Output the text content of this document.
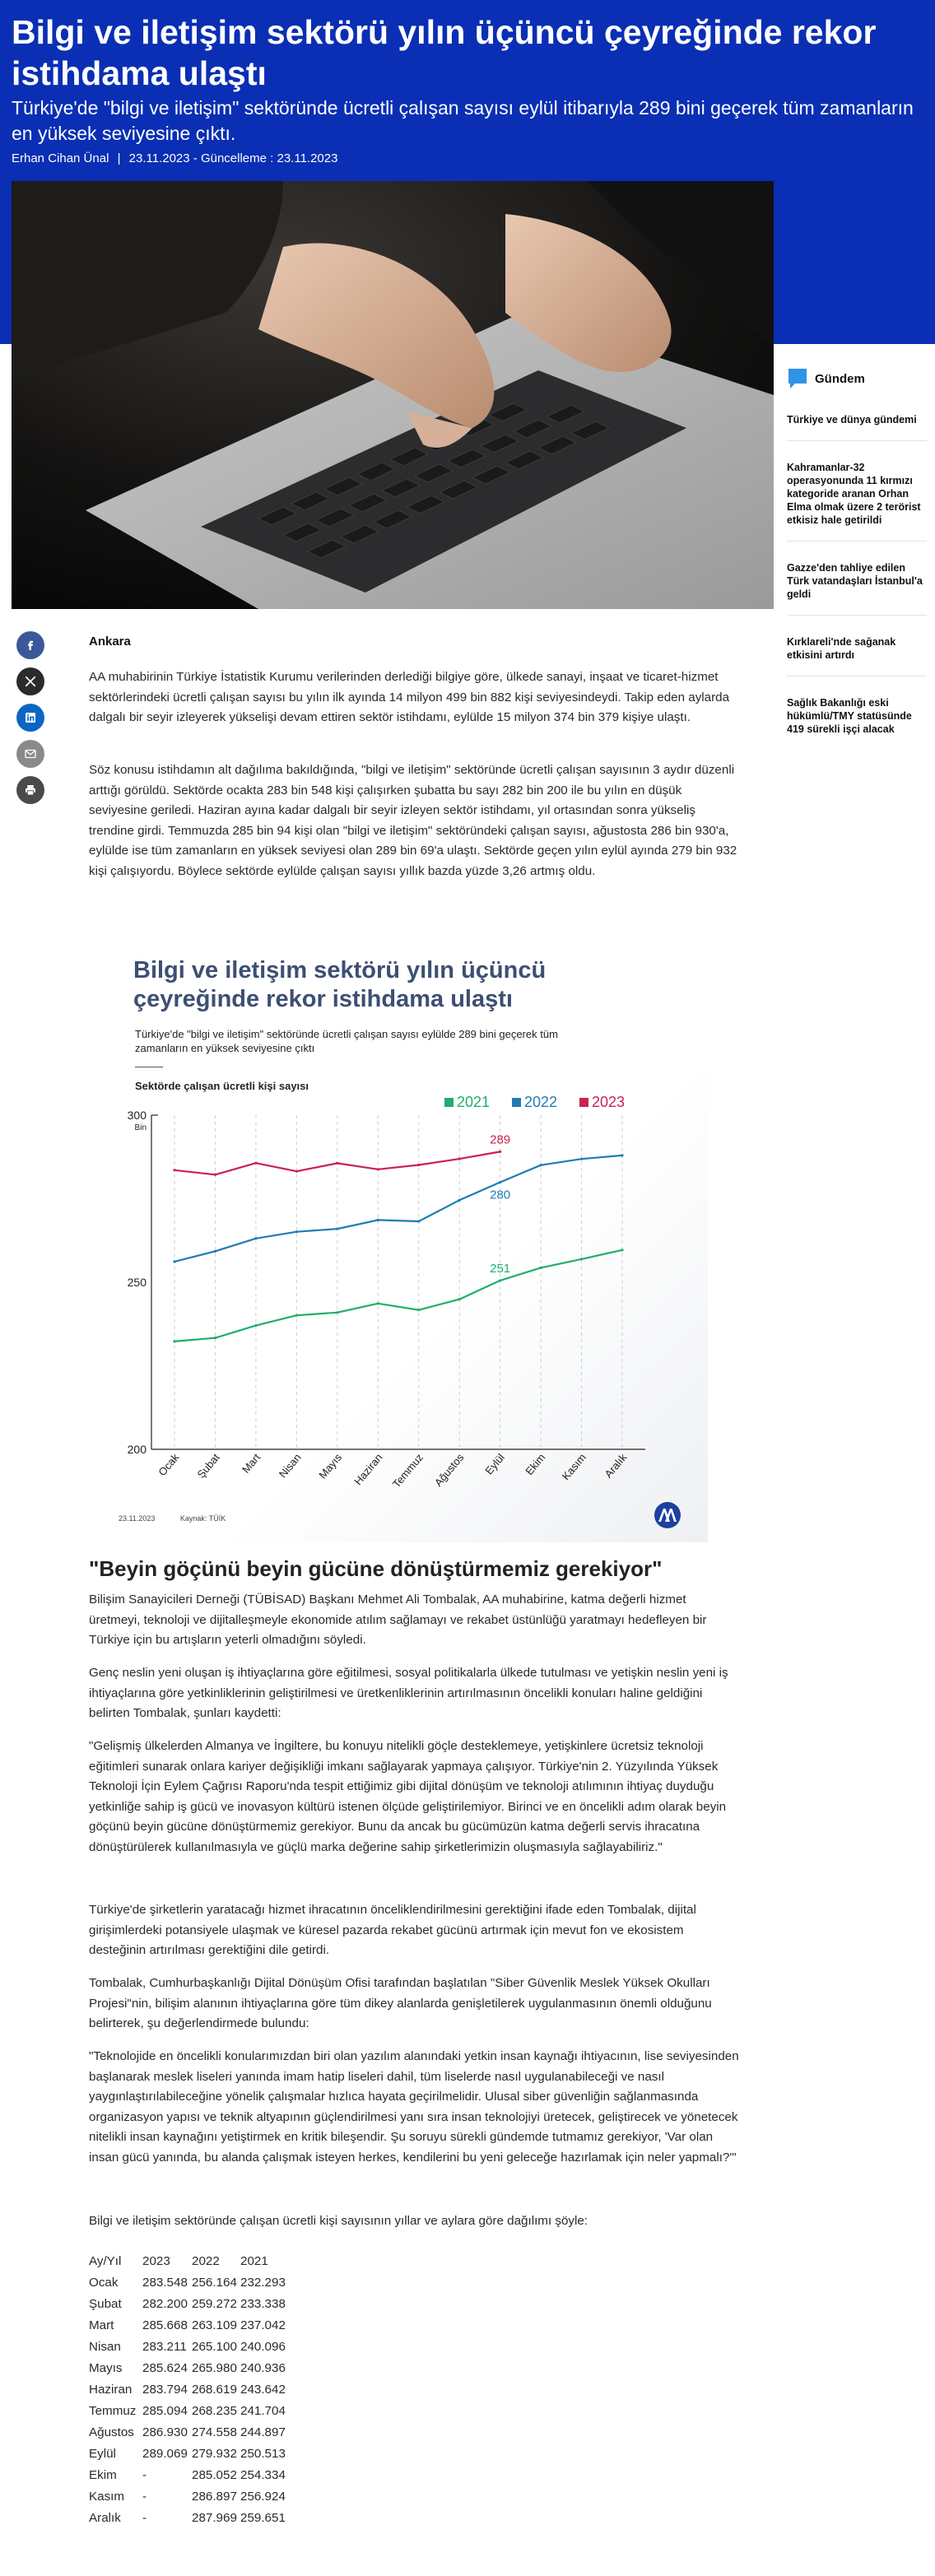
Bilgi ve iletişim sektörü yılın üçüncü çeyreğinde rekor istihdama ulaştı

Türkiye'de "bilgi ve iletişim" sektöründe ücretli çalışan sayısı eylül itibarıyla 289 bini geçerek tüm zamanların en yüksek seviyesine çıktı.

Erhan Cihan Ünal | 23.11.2023 - Güncelleme : 23.11.2023
Ankara

AA muhabirinin Türkiye İstatistik Kurumu verilerinden derlediği bilgiye göre, ülkede sanayi, inşaat ve ticaret-hizmet sektörlerindeki ücretli çalışan sayısı bu yılın ilk ayında 14 milyon 499 bin 882 kişi seviyesindeydi. Takip eden aylarda dalgalı bir seyir izleyerek yükselişi devam ettiren sektör istihdamı, eylülde 15 milyon 374 bin 379 kişiye ulaştı.

Söz konusu istihdamın alt dağılıma bakıldığında, "bilgi ve iletişim" sektöründe ücretli çalışan sayısının 3 aydır düzenli arttığı görüldü. Sektörde ocakta 283 bin 548 kişi çalışırken şubatta bu sayı 282 bin 200 ile bu yılın en düşük seviyesine geriledi. Haziran ayına kadar dalgalı bir seyir izleyen sektör istihdamı, yıl ortasından sonra yükseliş trendine girdi. Temmuzda 285 bin 94 kişi olan "bilgi ve iletişim" sektöründeki çalışan sayısı, ağustosta 286 bin 930'a, eylülde ise tüm zamanların en yüksek seviyesi olan 289 bin 69'a ulaştı. Sektörde geçen yılın eylül ayında 279 bin 932 kişi çalışıyordu. Böylece sektörde eylülde çalışan sayısı yıllık bazda yüzde 3,26 artmış oldu.

Bilgi ve iletişim sektörü yılın üçüncü çeyreğinde rekor istihdama ulaştı
Türkiye'de "bilgi ve iletişim" sektöründe ücretli çalışan sayısı eylülde 289 bini geçerek tüm zamanların en yüksek seviyesine çıktı
Sektörde çalışan ücretli kişi sayısı
200
250
300
Bin
Ocak Şubat Mart Nisan Mayıs Haziran Temmuz Ağustos Eylül Ekim Kasım Aralık
251
280
289
2021 2022 2023
23.11.2023	Kaynak: TÜİK
"Beyin göçünü beyin gücüne dönüştürmemiz gerekiyor"

Bilişim Sanayicileri Derneği (TÜBİSAD) Başkanı Mehmet Ali Tombalak, AA muhabirine, katma değerli hizmet üretmeyi, teknoloji ve dijitalleşmeyle ekonomide atılım sağlamayı ve rekabet üstünlüğü yaratmayı hedefleyen bir Türkiye için bu artışların yeterli olmadığını söyledi.

Genç neslin yeni oluşan iş ihtiyaçlarına göre eğitilmesi, sosyal politikalarla ülkede tutulması ve yetişkin neslin yeni iş ihtiyaçlarına göre yetkinliklerinin geliştirilmesi ve üretkenliklerinin artırılmasının öncelikli konuları haline geldiğini belirten Tombalak, şunları kaydetti:

"Gelişmiş ülkelerden Almanya ve İngiltere, bu konuyu nitelikli göçle desteklemeye, yetişkinlere ücretsiz teknoloji eğitimleri sunarak onlara kariyer değişikliği imkanı sağlayarak yapmaya çalışıyor. Türkiye'nin 2. Yüzyılında Yüksek Teknoloji İçin Eylem Çağrısı Raporu'nda tespit ettiğimiz gibi dijital dönüşüm ve teknoloji atılımının ihtiyaç duyduğu yetkinliğe sahip iş gücü ve inovasyon kültürü istenen ölçüde geliştirilemiyor. Birinci ve en öncelikli adım olarak beyin göçünü beyin gücüne dönüştürmemiz gerekiyor. Bunu da ancak bu gücümüzün katma değerli servis ihracatına dönüştürülerek kullanılmasıyla ve güçlü marka değerine sahip şirketlerimizin oluşmasıyla sağlayabiliriz."

Türkiye'de şirketlerin yaratacağı hizmet ihracatının önceliklendirilmesini gerektiğini ifade eden Tombalak, dijital girişimlerdeki potansiyele ulaşmak ve küresel pazarda rekabet gücünü artırmak için mevut fon ve ekosistem desteğinin artırılması gerektiğini dile getirdi.

Tombalak, Cumhurbaşkanlığı Dijital Dönüşüm Ofisi tarafından başlatılan "Siber Güvenlik Meslek Yüksek Okulları Projesi"nin, bilişim alanının ihtiyaçlarına göre tüm dikey alanlarda genişletilerek uygulanmasının önemli olduğunu belirterek, şu değerlendirmede bulundu:

"Teknolojide en öncelikli konularımızdan biri olan yazılım alanındaki yetkin insan kaynağı ihtiyacının, lise seviyesinden başlanarak meslek liseleri yanında imam hatip liseleri dahil, tüm liselerde nasıl uygulanabileceği ve nasıl yaygınlaştırılabileceğine yönelik çalışmalar hızlıca hayata geçirilmelidir. Ulusal siber güvenliğin sağlanmasında organizasyon yapısı ve teknik altyapının güçlendirilmesi yanı sıra insan teknolojiyi üretecek, geliştirecek ve yönetecek nitelikli insan kaynağını yetiştirmek en kritik bileşendir. Şu soruyu sürekli gündemde tutmamız gerekiyor, 'Var olan insan gücü yanında, bu alanda çalışmak isteyen herkes, kendilerini bu yeni geleceğe hazırlamak için neler yapmalı?'"

Bilgi ve iletişim sektöründe çalışan ücretli kişi sayısının yıllar ve aylara göre dağılımı şöyle:

Ay/Yıl	2023	2022	2021
Ocak	283.548	256.164	232.293
Şubat	282.200	259.272	233.338
Mart	285.668	263.109	237.042
Nisan	283.211	265.100	240.096
Mayıs	285.624	265.980	240.936
Haziran	283.794	268.619	243.642
Temmuz	285.094	268.235	241.704
Ağustos	286.930	274.558	244.897
Eylül	289.069	279.932	250.513
Ekim	-	285.052	254.334
Kasım	-	286.897	256.924
Aralık	-	287.969	259.651
Gündem
Türkiye ve dünya gündemi
Kahramanlar-32 operasyonunda 11 kırmızı kategoride aranan Orhan Elma olmak üzere 2 terörist etkisiz hale getirildi
Gazze'den tahliye edilen Türk vatandaşları İstanbul'a geldi
Kırklareli'nde sağanak etkisini artırdı
Sağlık Bakanlığı eski hükümlü/TMY statüsünde 419 sürekli işçi alacak
